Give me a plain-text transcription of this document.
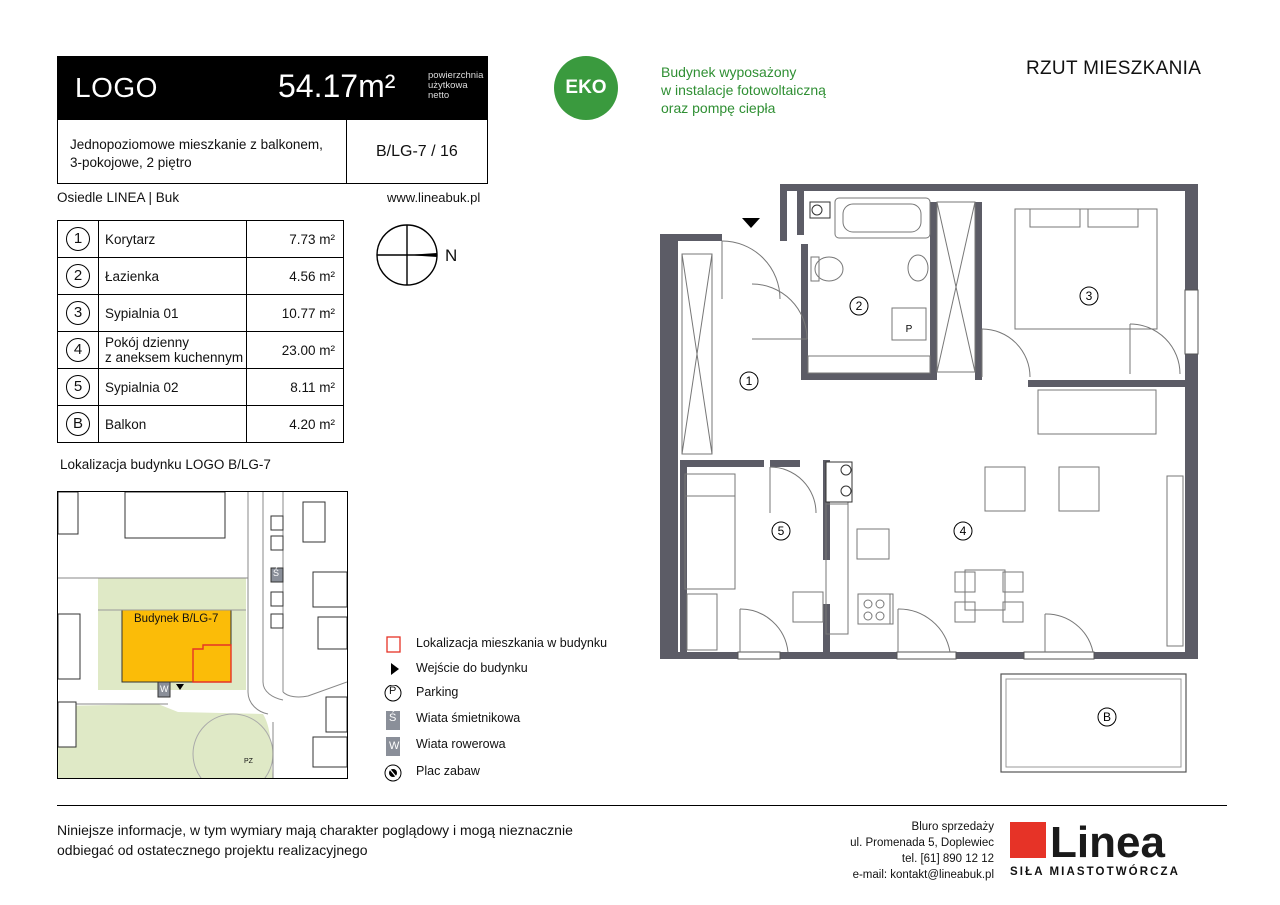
LOGO	54.17m²	powierzchnia
użytkowa
netto
Jednopoziomowe mieszkanie z balkonem,
3-pokojowe, 2 piętro
B/LG-7 / 16
Osiedle LINEA | Buk	www.lineabuk.pl
1	Korytarz	7.73 m²
2	Łazienka	4.56 m²
3	Sypialnia 01	10.77 m²
4	Pokój dzienny
z aneksem kuchennym	23.00 m²
5	Sypialnia 02	8.11 m²
B	Balkon	4.20 m²
N
EKO
Budynek wyposażony
w instalacje fotowoltaiczną
oraz pompę ciepła
RZUT MIESZKANIA
Lokalizacja budynku LOGO B/LG-7
Budynek B/LG-7
W
Ś
PZ
Lokalizacja mieszkania w budynku
Wejście do budynku
P Parking
Ś Wiata śmietnikowa
W Wiata rowerowa
Plac zabaw
1
2
3
4
5
B
P
Niniejsze informacje, w tym wymiary mają charakter poglądowy i mogą nieznacznie
odbiegać od ostatecznego projektu realizacyjnego
Bluro sprzedaży
ul. Promenada 5, Doplewiec
tel. [61] 890 12 12
e-mail: kontakt@lineabuk.pl
Linea
SIŁA MIASTOTWÓRCZA
